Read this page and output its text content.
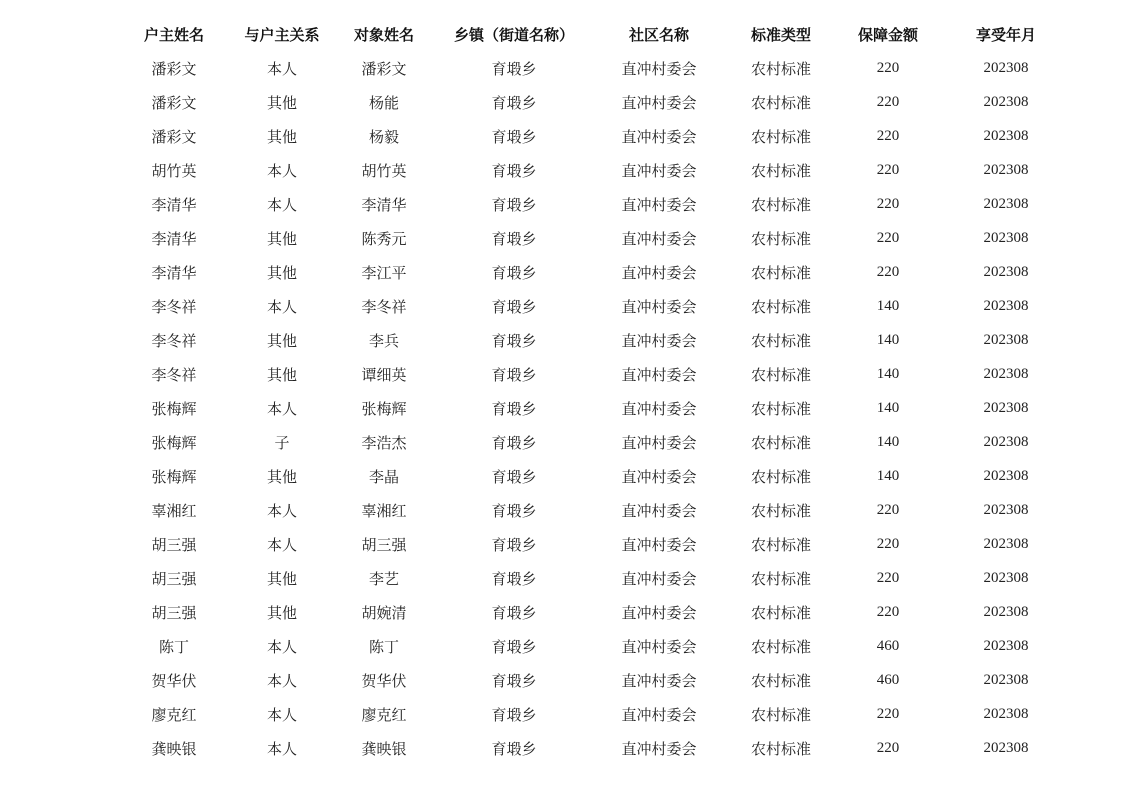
户主姓名	与户主关系	对象姓名	乡镇（街道名称）	社区名称	标准类型	保障金额	享受年月
潘彩文	本人	潘彩文	育塅乡	直冲村委会	农村标准	220	202308
潘彩文	其他	杨能	育塅乡	直冲村委会	农村标准	220	202308
潘彩文	其他	杨毅	育塅乡	直冲村委会	农村标准	220	202308
胡竹英	本人	胡竹英	育塅乡	直冲村委会	农村标准	220	202308
李清华	本人	李清华	育塅乡	直冲村委会	农村标准	220	202308
李清华	其他	陈秀元	育塅乡	直冲村委会	农村标准	220	202308
李清华	其他	李江平	育塅乡	直冲村委会	农村标准	220	202308
李冬祥	本人	李冬祥	育塅乡	直冲村委会	农村标准	140	202308
李冬祥	其他	李兵	育塅乡	直冲村委会	农村标准	140	202308
李冬祥	其他	谭细英	育塅乡	直冲村委会	农村标准	140	202308
张梅辉	本人	张梅辉	育塅乡	直冲村委会	农村标准	140	202308
张梅辉	子	李浩杰	育塅乡	直冲村委会	农村标准	140	202308
张梅辉	其他	李晶	育塅乡	直冲村委会	农村标准	140	202308
辜湘红	本人	辜湘红	育塅乡	直冲村委会	农村标准	220	202308
胡三强	本人	胡三强	育塅乡	直冲村委会	农村标准	220	202308
胡三强	其他	李艺	育塅乡	直冲村委会	农村标准	220	202308
胡三强	其他	胡婉清	育塅乡	直冲村委会	农村标准	220	202308
陈丁	本人	陈丁	育塅乡	直冲村委会	农村标准	460	202308
贺华伏	本人	贺华伏	育塅乡	直冲村委会	农村标准	460	202308
廖克红	本人	廖克红	育塅乡	直冲村委会	农村标准	220	202308
龚映银	本人	龚映银	育塅乡	直冲村委会	农村标准	220	202308
